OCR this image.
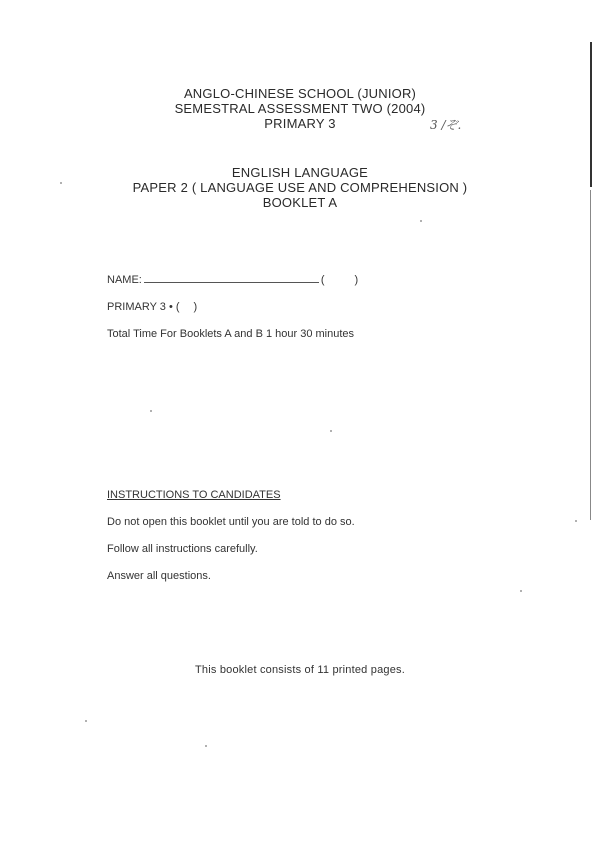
ANGLO-CHINESE SCHOOL (JUNIOR)
SEMESTRAL ASSESSMENT TWO (2004)
PRIMARY 3	3 /ぞ.
ENGLISH LANGUAGE
PAPER 2 ( LANGUAGE USE AND COMPREHENSION )
BOOKLET A
NAME:	(	)
PRIMARY 3 • ( )
Total Time For Booklets A and B 1 hour 30 minutes
INSTRUCTIONS TO CANDIDATES
Do not open this booklet until you are told to do so.
Follow all instructions carefully.
Answer all questions.
This booklet consists of 11 printed pages.
